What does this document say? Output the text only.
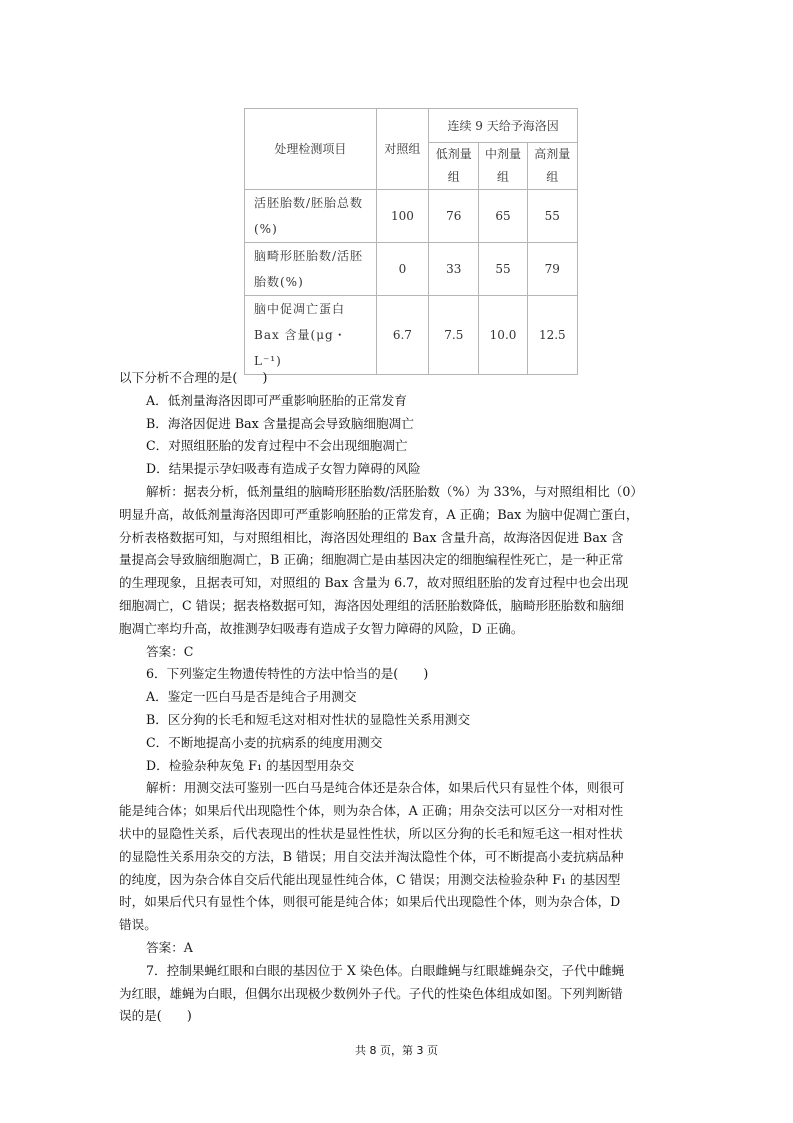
处理检测项目	对照组	连续 9 天给予海洛因		
		低剂量组	中剂量组	高剂量组
活胚胎数/胚胎总数(%)	100	76	65	55
脑畸形胚胎数/活胚胎数(%)	0	33	55	79
脑中促凋亡蛋白 Bax 含量(μg・L⁻¹)	6.7	7.5	10.0	12.5
以下分析不合理的是(　　)
A．低剂量海洛因即可严重影响胚胎的正常发育
B．海洛因促进 Bax 含量提高会导致脑细胞凋亡
C．对照组胚胎的发育过程中不会出现细胞凋亡
D．结果提示孕妇吸毒有造成子女智力障碍的风险
解析：据表分析，低剂量组的脑畸形胚胎数/活胚胎数（%）为 33%，与对照组相比（0）
明显升高，故低剂量海洛因即可严重影响胚胎的正常发育，A 正确；Bax 为脑中促凋亡蛋白，
分析表格数据可知，与对照组相比，海洛因处理组的 Bax 含量升高，故海洛因促进 Bax 含
量提高会导致脑细胞凋亡，B 正确；细胞凋亡是由基因决定的细胞编程性死亡，是一种正常
的生理现象，且据表可知，对照组的 Bax 含量为 6.7，故对照组胚胎的发育过程中也会出现
细胞凋亡，C 错误；据表格数据可知，海洛因处理组的活胚胎数降低，脑畸形胚胎数和脑细
胞凋亡率均升高，故推测孕妇吸毒有造成子女智力障碍的风险，D 正确。
答案：C
6．下列鉴定生物遗传特性的方法中恰当的是(　　)
A．鉴定一匹白马是否是纯合子用测交
B．区分狗的长毛和短毛这对相对性状的显隐性关系用测交
C．不断地提高小麦的抗病系的纯度用测交
D．检验杂种灰兔 F₁ 的基因型用杂交
解析：用测交法可鉴别一匹白马是纯合体还是杂合体，如果后代只有显性个体，则很可
能是纯合体；如果后代出现隐性个体，则为杂合体，A 正确；用杂交法可以区分一对相对性
状中的显隐性关系，后代表现出的性状是显性性状，所以区分狗的长毛和短毛这一相对性状
的显隐性关系用杂交的方法，B 错误；用自交法并淘汰隐性个体，可不断提高小麦抗病品种
的纯度，因为杂合体自交后代能出现显性纯合体，C 错误；用测交法检验杂种 F₁ 的基因型
时，如果后代只有显性个体，则很可能是纯合体；如果后代出现隐性个体，则为杂合体，D
错误。
答案：A
7．控制果蝇红眼和白眼的基因位于 X 染色体。白眼雌蝇与红眼雄蝇杂交，子代中雌蝇
为红眼，雄蝇为白眼，但偶尔出现极少数例外子代。子代的性染色体组成如图。下列判断错
误的是(　　)
共 8 页，第 3 页
